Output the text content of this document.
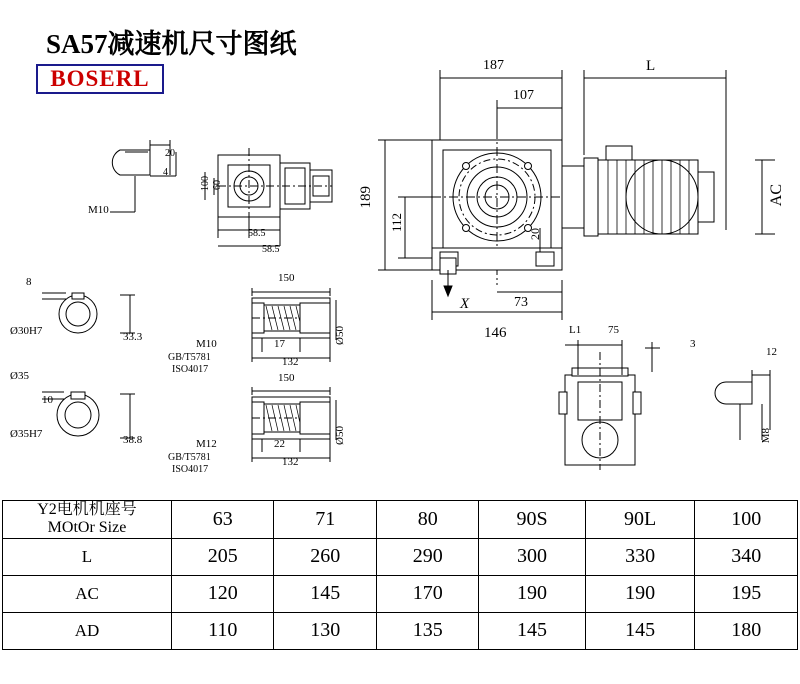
SA57减速机尺寸图纸
BOSERL
187	L
107
189
112
20
AC
146
73
X
20
4
M10
100 60
58.5
58.5
8
Ø30H7	33.3
Ø35
10
Ø35H7	38.8
150
M10
GB/T5781
ISO4017
17
132
Ø50
150
M12
GB/T5781
ISO4017
22
132
Ø50
L1 75
3
12
M8
Y2电机机座号
MOtOr Size	63	71	80	90S	90L	100
L	205	260	290	300	330	340
AC	120	145	170	190	190	195
AD	110	130	135	145	145	180
